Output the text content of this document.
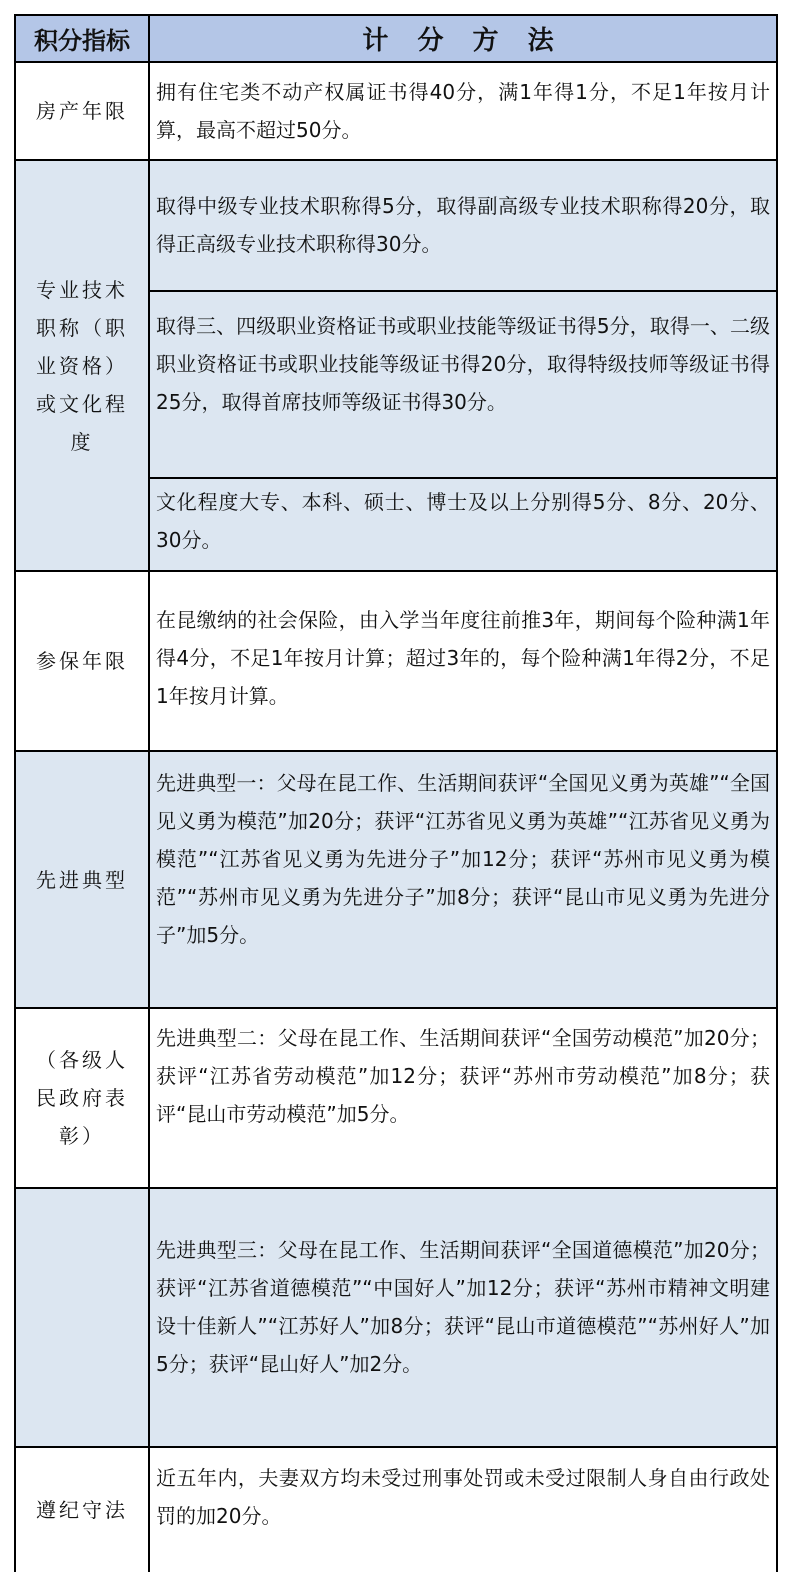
积分指标	计 分 方 法
房产年限
拥有住宅类不动产权属证书得40分，满1年得1分，不足1年按月计算，最高不超过50分。
专业技术职称（职业资格）或文化程度
取得中级专业技术职称得5分，取得副高级专业技术职称得20分，取得正高级专业技术职称得30分。
取得三、四级职业资格证书或职业技能等级证书得5分，取得一、二级职业资格证书或职业技能等级证书得20分，取得特级技师等级证书得25分，取得首席技师等级证书得30分。
文化程度大专、本科、硕士、博士及以上分别得5分、8分、20分、30分。
参保年限
在昆缴纳的社会保险，由入学当年度往前推3年，期间每个险种满1年得4分，不足1年按月计算；超过3年的，每个险种满1年得2分，不足1年按月计算。
先进典型
先进典型一：父母在昆工作、生活期间获评“全国见义勇为英雄”“全国见义勇为模范”加20分；获评“江苏省见义勇为英雄”“江苏省见义勇为模范”“江苏省见义勇为先进分子”加12分；获评“苏州市见义勇为模范”“苏州市见义勇为先进分子”加8分；获评“昆山市见义勇为先进分子”加5分。
（各级人民政府表彰）
先进典型二：父母在昆工作、生活期间获评“全国劳动模范”加20分；获评“江苏省劳动模范”加12分；获评“苏州市劳动模范”加8分；获评“昆山市劳动模范”加5分。
先进典型三：父母在昆工作、生活期间获评“全国道德模范”加20分；获评“江苏省道德模范”“中国好人”加12分；获评“苏州市精神文明建设十佳新人”“江苏好人”加8分；获评“昆山市道德模范”“苏州好人”加5分；获评“昆山好人”加2分。
遵纪守法
近五年内，夫妻双方均未受过刑事处罚或未受过限制人身自由行政处罚的加20分。
